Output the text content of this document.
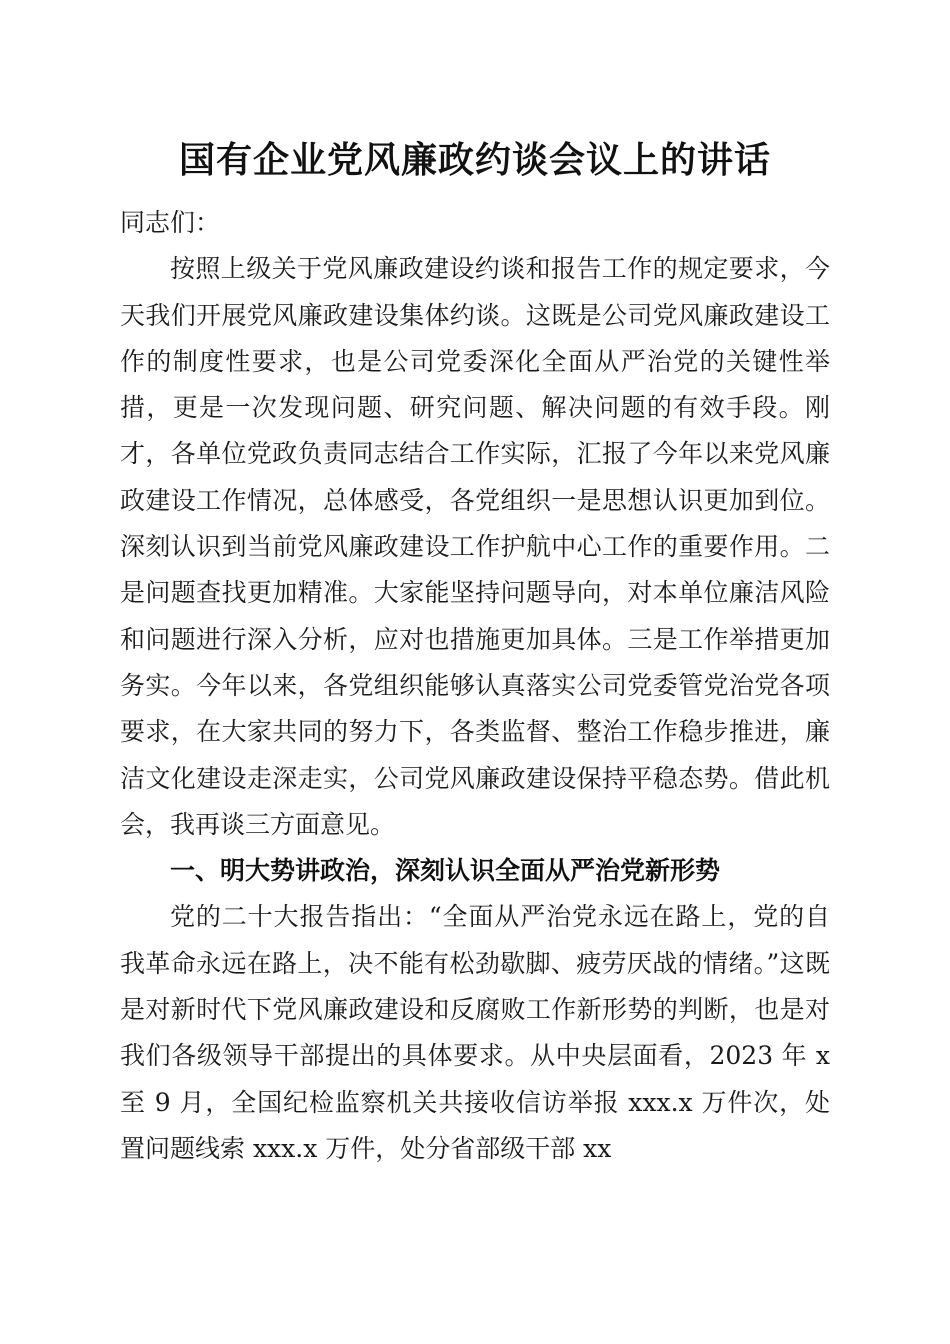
国有企业党风廉政约谈会议上的讲话

同志们：

按照上级关于党风廉政建设约谈和报告工作的规定要求，今天我们开展党风廉政建设集体约谈。这既是公司党风廉政建设工作的制度性要求，也是公司党委深化全面从严治党的关键性举措，更是一次发现问题、研究问题、解决问题的有效手段。刚才，各单位党政负责同志结合工作实际，汇报了今年以来党风廉政建设工作情况，总体感受，各党组织一是思想认识更加到位。深刻认识到当前党风廉政建设工作护航中心工作的重要作用。二是问题查找更加精准。大家能坚持问题导向，对本单位廉洁风险和问题进行深入分析，应对也措施更加具体。三是工作举措更加务实。今年以来，各党组织能够认真落实公司党委管党治党各项要求，在大家共同的努力下，各类监督、整治工作稳步推进，廉洁文化建设走深走实，公司党风廉政建设保持平稳态势。借此机会，我再谈三方面意见。

一、明大势讲政治，深刻认识全面从严治党新形势

党的二十大报告指出：“全面从严治党永远在路上，党的自我革命永远在路上，决不能有松劲歇脚、疲劳厌战的情绪。”这既是对新时代下党风廉政建设和反腐败工作新形势的判断，也是对我们各级领导干部提出的具体要求。从中央层面看，2023 年 x 至 9 月，全国纪检监察机关共接收信访举报 xxx.x 万件次，处置问题线索 xxx.x 万件，处分省部级干部 xx
